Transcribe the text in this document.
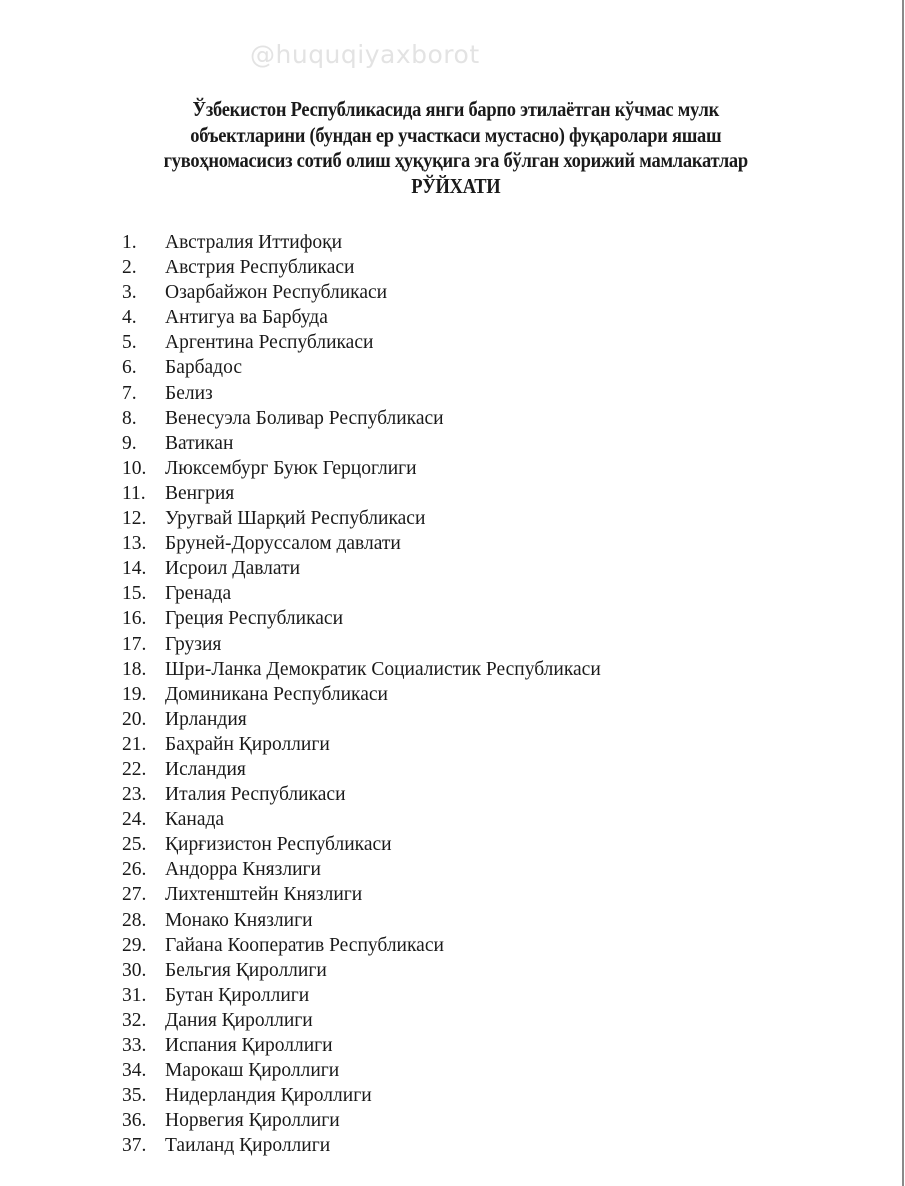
@huquqiyaxborot
Ўзбекистон Республикасида янги барпо этилаётган кўчмас мулк
объектларини (бундан ер участкаси мустасно) фуқаролари яшаш
гувоҳномасисиз сотиб олиш ҳуқуқига эга бўлган хорижий мамлакатлар
РЎЙХАТИ
1. Австралия Иттифоқи
2. Австрия Республикаси
3. Озарбайжон Республикаси
4. Антигуа ва Барбуда
5. Аргентина Республикаси
6. Барбадос
7. Белиз
8. Венесуэла Боливар Республикаси
9. Ватикан
10. Люксембург Буюк Герцоглиги
11. Венгрия
12. Уругвай Шарқий Республикаси
13. Бруней-Доруссалом давлати
14. Исроил Давлати
15. Гренада
16. Греция Республикаси
17. Грузия
18. Шри-Ланка Демократик Социалистик Республикаси
19. Доминикана Республикаси
20. Ирландия
21. Баҳрайн Қироллиги
22. Исландия
23. Италия Республикаси
24. Канада
25. Қирғизистон Республикаси
26. Андорра Князлиги
27. Лихтенштейн Князлиги
28. Монако Князлиги
29. Гайана Кооператив Республикаси
30. Бельгия Қироллиги
31. Бутан Қироллиги
32. Дания Қироллиги
33. Испания Қироллиги
34. Марокаш Қироллиги
35. Нидерландия Қироллиги
36. Норвегия Қироллиги
37. Таиланд Қироллиги
